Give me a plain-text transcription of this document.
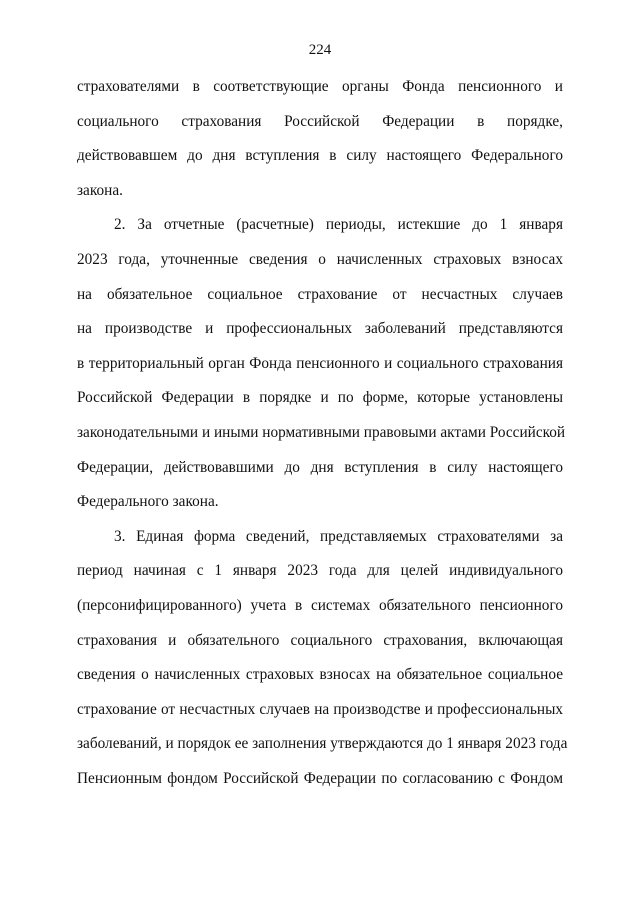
224
страхователями в соответствующие органы Фонда пенсионного и
социального страхования Российской Федерации в порядке,
действовавшем до дня вступления в силу настоящего Федерального
закона.
2. За отчетные (расчетные) периоды, истекшие до 1 января
2023 года, уточненные сведения о начисленных страховых взносах
на обязательное социальное страхование от несчастных случаев
на производстве и профессиональных заболеваний представляются
в территориальный орган Фонда пенсионного и социального страхования
Российской Федерации в порядке и по форме, которые установлены
законодательными и иными нормативными правовыми актами Российской
Федерации, действовавшими до дня вступления в силу настоящего
Федерального закона.
3. Единая форма сведений, представляемых страхователями за
период начиная с 1 января 2023 года для целей индивидуального
(персонифицированного) учета в системах обязательного пенсионного
страхования и обязательного социального страхования, включающая
сведения о начисленных страховых взносах на обязательное социальное
страхование от несчастных случаев на производстве и профессиональных
заболеваний, и порядок ее заполнения утверждаются до 1 января 2023 года
Пенсионным фондом Российской Федерации по согласованию с Фондом
